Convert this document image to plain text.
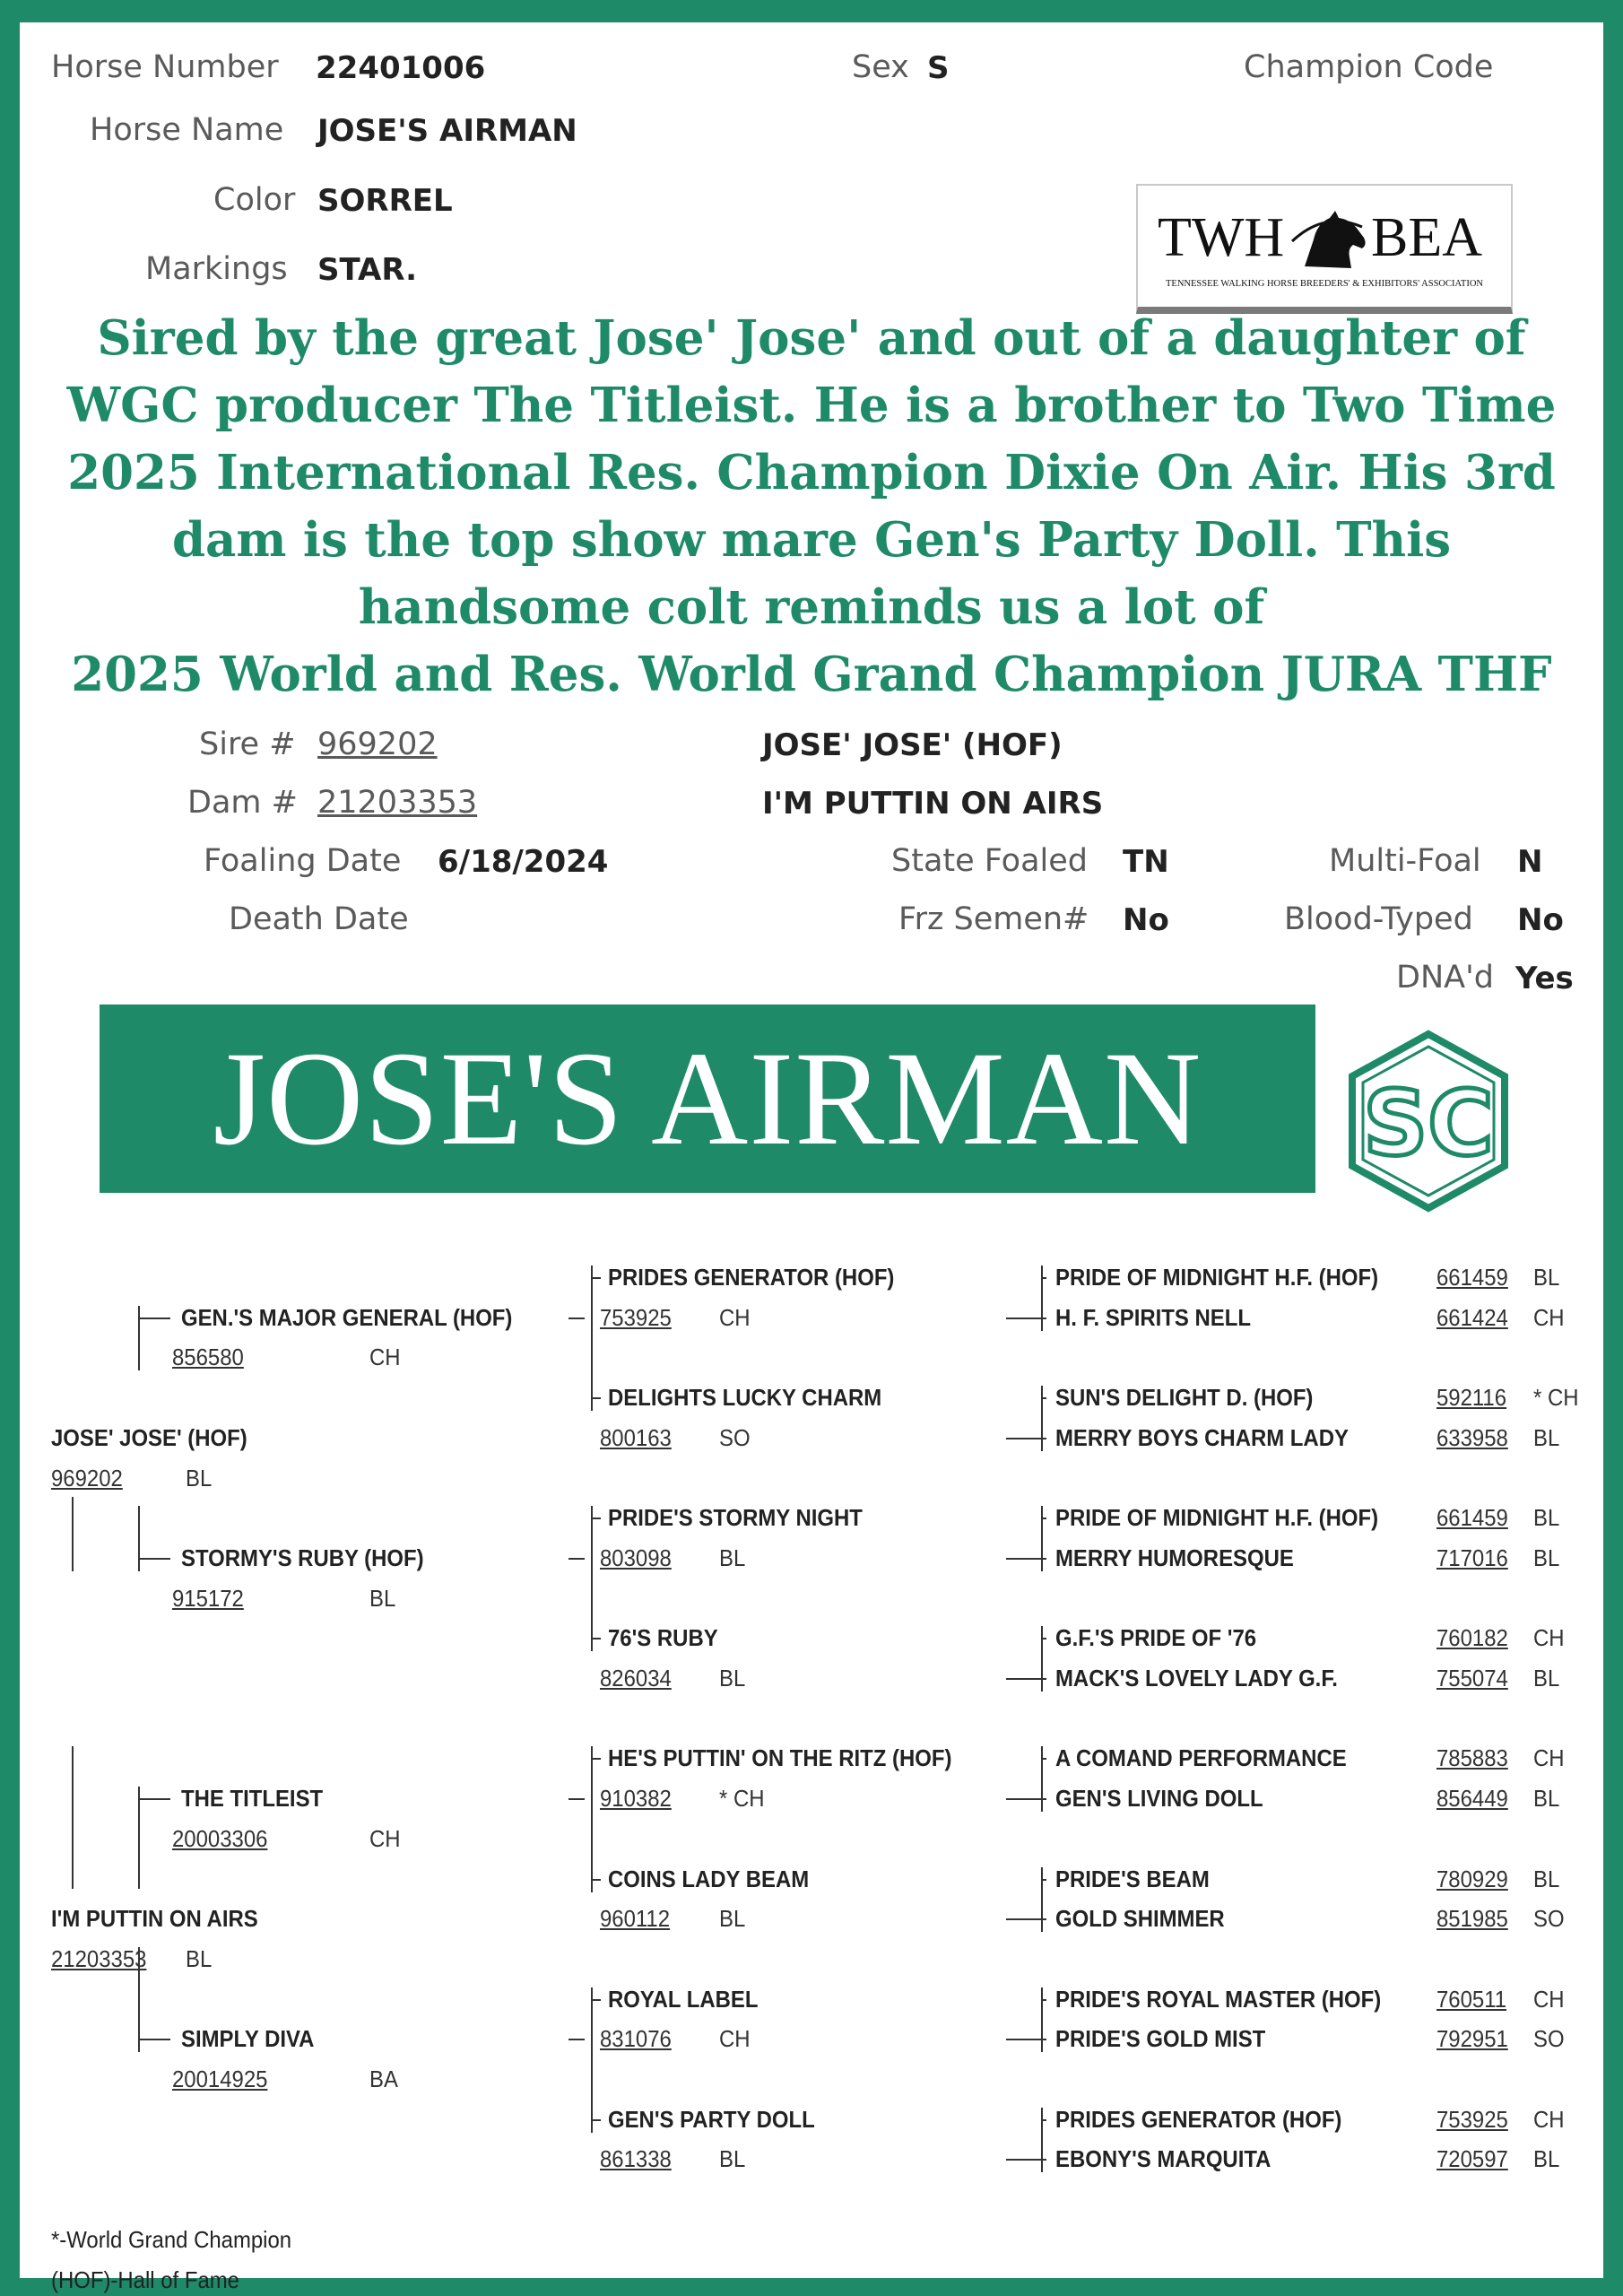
Horse Number 22401006	Sex S	Champion Code
Horse Name JOSE'S AIRMAN
Color SORREL
Markings STAR.
TWH BEA
TENNESSEE WALKING HORSE BREEDERS' & EXHIBITORS' ASSOCIATION
Sired by the great Jose' Jose' and out of a daughter of
WGC producer The Titleist. He is a brother to Two Time
2025 International Res. Champion Dixie On Air. His 3rd
dam is the top show mare Gen's Party Doll. This
handsome colt reminds us a lot of
2025 World and Res. World Grand Champion JURA THF
Sire # 969202	JOSE' JOSE' (HOF)
Dam # 21203353	I'M PUTTIN ON AIRS
Foaling Date 6/18/2024	State Foaled TN	Multi-Foal N
Death Date	Frz Semen# No	Blood-Typed No
DNA'd Yes
JOSE'S AIRMAN	SC
JOSE' JOSE' (HOF)
969202	BL
I'M PUTTIN ON AIRS
21203353 BL
GEN.'S MAJOR GENERAL (HOF)
856580	CH
STORMY'S RUBY (HOF)
915172	BL
THE TITLEIST
20003306	CH
SIMPLY DIVA
20014925	BA
PRIDES GENERATOR (HOF)
753925 CH
DELIGHTS LUCKY CHARM
800163 SO
PRIDE'S STORMY NIGHT
803098 BL
76'S RUBY
826034 BL
HE'S PUTTIN' ON THE RITZ (HOF)
910382 * CH
COINS LADY BEAM
960112 BL
ROYAL LABEL
831076 CH
GEN'S PARTY DOLL
861338 BL
PRIDE OF MIDNIGHT H.F. (HOF) 661459 BL
H. F. SPIRITS NELL	661424 CH
SUN'S DELIGHT D. (HOF)	592116 * CH
MERRY BOYS CHARM LADY	633958 BL
PRIDE OF MIDNIGHT H.F. (HOF) 661459 BL
MERRY HUMORESQUE	717016 BL
G.F.'S PRIDE OF '76	760182 CH
MACK'S LOVELY LADY G.F.	755074 BL
A COMAND PERFORMANCE	785883 CH
GEN'S LIVING DOLL	856449 BL
PRIDE'S BEAM	780929 BL
GOLD SHIMMER	851985 SO
PRIDE'S ROYAL MASTER (HOF) 760511 CH
PRIDE'S GOLD MIST	792951 SO
PRIDES GENERATOR (HOF)	753925 CH
EBONY'S MARQUITA	720597 BL
*-World Grand Champion
(HOF)-Hall of Fame
